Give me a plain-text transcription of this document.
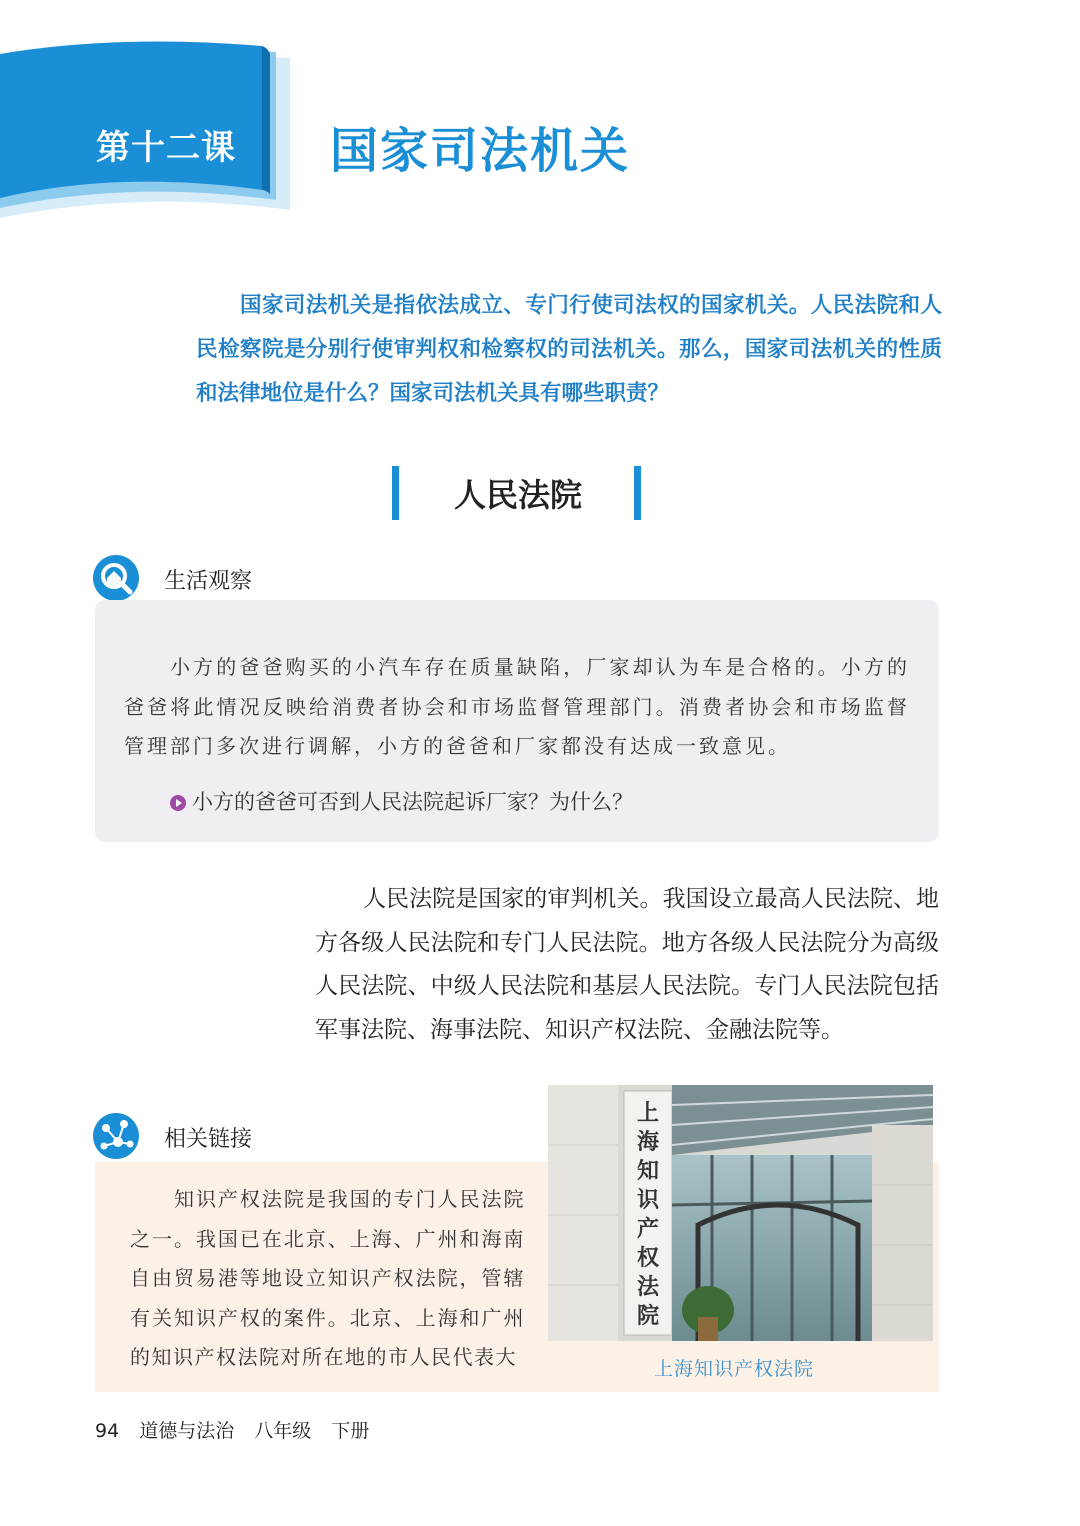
第十二课 国家司法机关
国家司法机关是指依法成立、专门行使司法权的国家机关。人民法院和人民检察院是分别行使审判权和检察权的司法机关。那么，国家司法机关的性质和法律地位是什么？国家司法机关具有哪些职责？
人民法院
生活观察
小方的爸爸购买的小汽车存在质量缺陷，厂家却认为车是合格的。小方的爸爸将此情况反映给消费者协会和市场监督管理部门。消费者协会和市场监督管理部门多次进行调解，小方的爸爸和厂家都没有达成一致意见。
小方的爸爸可否到人民法院起诉厂家？为什么？
人民法院是国家的审判机关。我国设立最高人民法院、地方各级人民法院和专门人民法院。地方各级人民法院分为高级人民法院、中级人民法院和基层人民法院。专门人民法院包括军事法院、海事法院、知识产权法院、金融法院等。
相关链接
知识产权法院是我国的专门人民法院之一。我国已在北京、上海、广州和海南自由贸易港等地设立知识产权法院，管辖有关知识产权的案件。北京、上海和广州的知识产权法院对所在地的市人民代表大
上海知识产权法院
上海知识产权法院
94 道德与法治 八年级 下册
